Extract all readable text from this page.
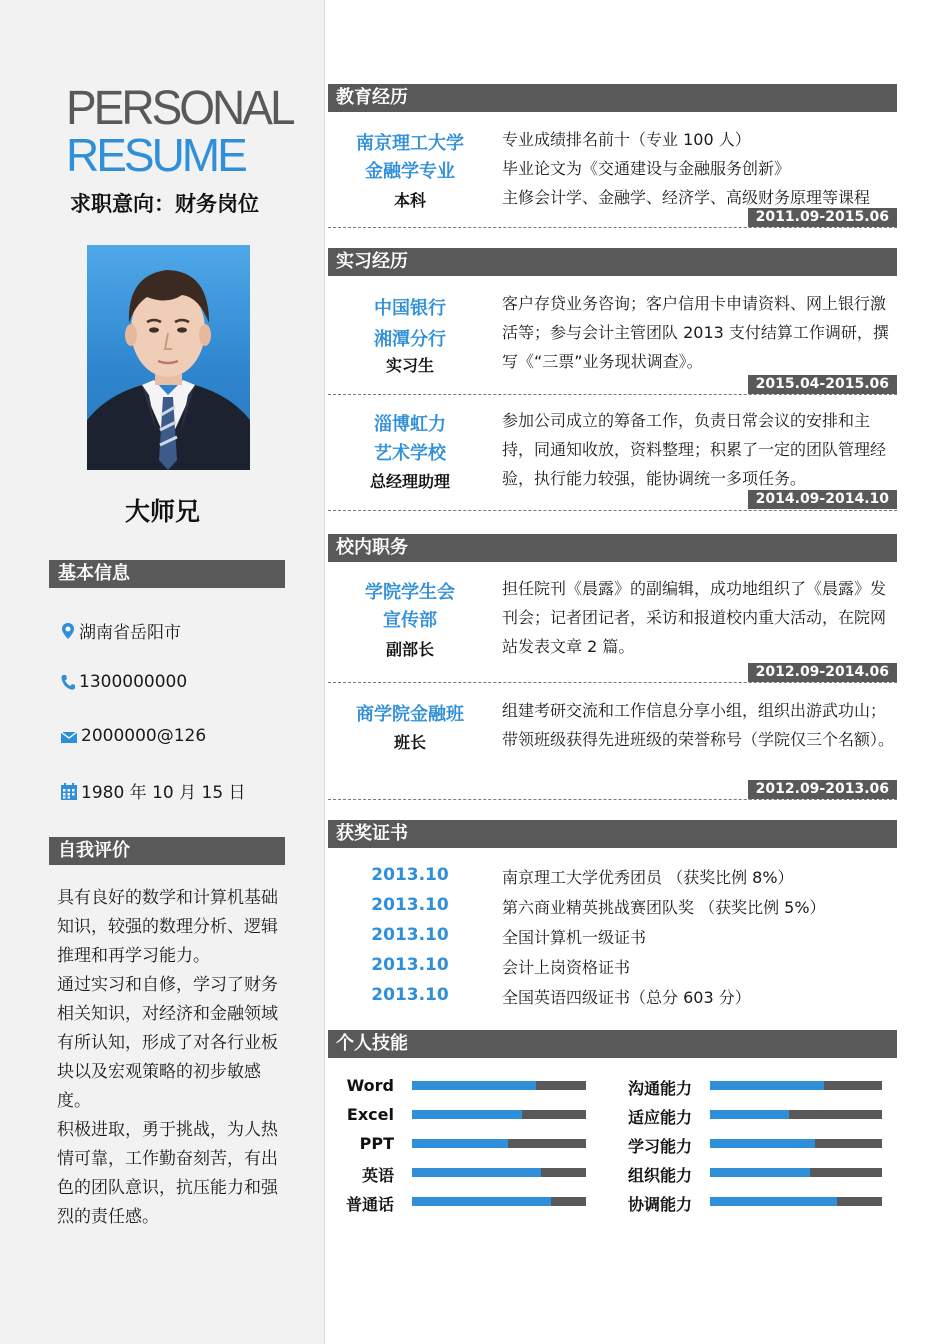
PERSONAL
RESUME
求职意向：财务岗位
大师兄
基本信息
湖南省岳阳市
1300000000
2000000@126
1980 年 10 月 15 日
自我评价

具有良好的数学和计算机基础知识，较强的数理分析、逻辑推理和再学习能力。

通过实习和自修，学习了财务相关知识，对经济和金融领域有所认知，形成了对各行业板块以及宏观策略的初步敏感度。

积极进取，勇于挑战，为人热情可靠，工作勤奋刻苦，有出色的团队意识，抗压能力和强烈的责任感。

教育经历
南京理工大学
金融学专业
本科
专业成绩排名前十（专业 100 人）
毕业论文为《交通建设与金融服务创新》
主修会计学、金融学、经济学、高级财务原理等课程
2011.09-2015.06
实习经历
中国银行
湘潭分行
实习生
客户存贷业务咨询；客户信用卡申请资料、网上银行激活等；参与会计主管团队 2013 支付结算工作调研，撰写《“三票”业务现状调查》。
2015.04-2015.06
淄博虹力
艺术学校
总经理助理
参加公司成立的筹备工作，负责日常会议的安排和主持，同通知收放，资料整理；积累了一定的团队管理经验，执行能力较强，能协调统一多项任务。
2014.09-2014.10
校内职务
学院学生会
宣传部
副部长
担任院刊《晨露》的副编辑，成功地组织了《晨露》发刊会；记者团记者，采访和报道校内重大活动，在院网站发表文章 2 篇。
2012.09-2014.06
商学院金融班
班长
组建考研交流和工作信息分享小组，组织出游武功山；带领班级获得先进班级的荣誉称号（学院仅三个名额）。
2012.09-2013.06
获奖证书
2013.10	南京理工大学优秀团员 （获奖比例 8%）
2013.10	第六商业精英挑战赛团队奖 （获奖比例 5%）
2013.10	全国计算机一级证书
2013.10	会计上岗资格证书
2013.10	全国英语四级证书（总分 603 分）
个人技能
Word
Excel
PPT
英语
普通话
沟通能力
适应能力
学习能力
组织能力
协调能力
